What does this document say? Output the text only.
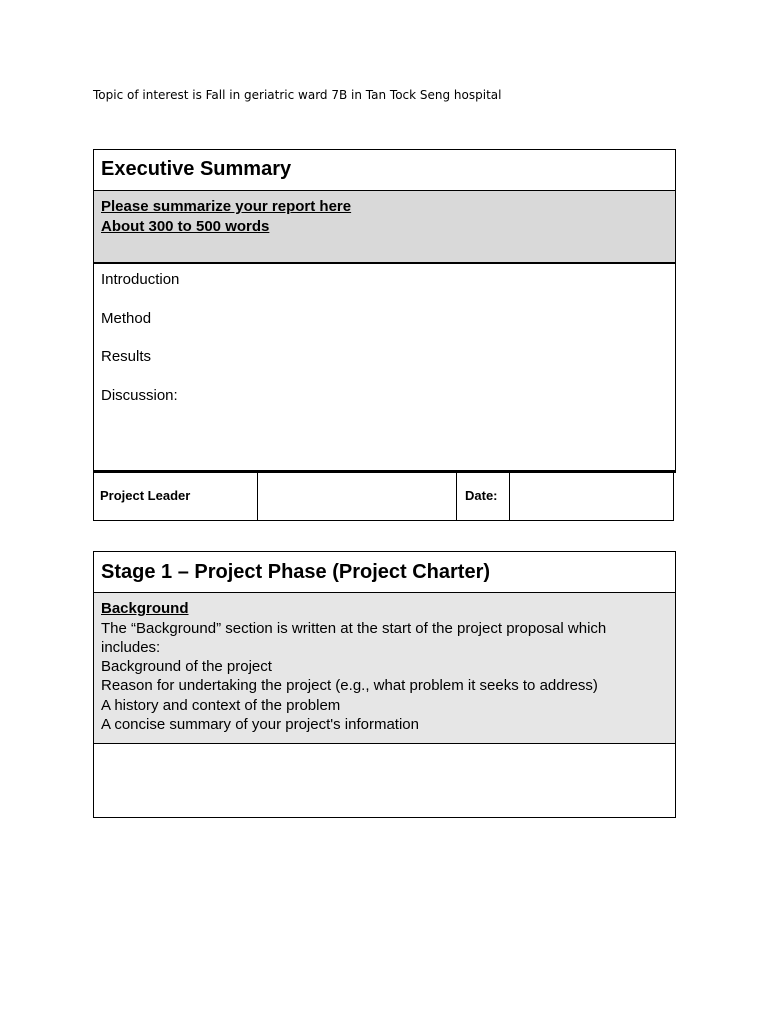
Topic of interest is Fall in geriatric ward 7B in Tan Tock Seng hospital
Executive Summary
Please summarize your report here
About 300 to 500 words
Introduction
Method
Results
Discussion:
Project Leader	Date:
Stage 1 – Project Phase (Project Charter)
Background
The “Background” section is written at the start of the project proposal which
includes:
Background of the project
Reason for undertaking the project (e.g., what problem it seeks to address)
A history and context of the problem
A concise summary of your project's information
